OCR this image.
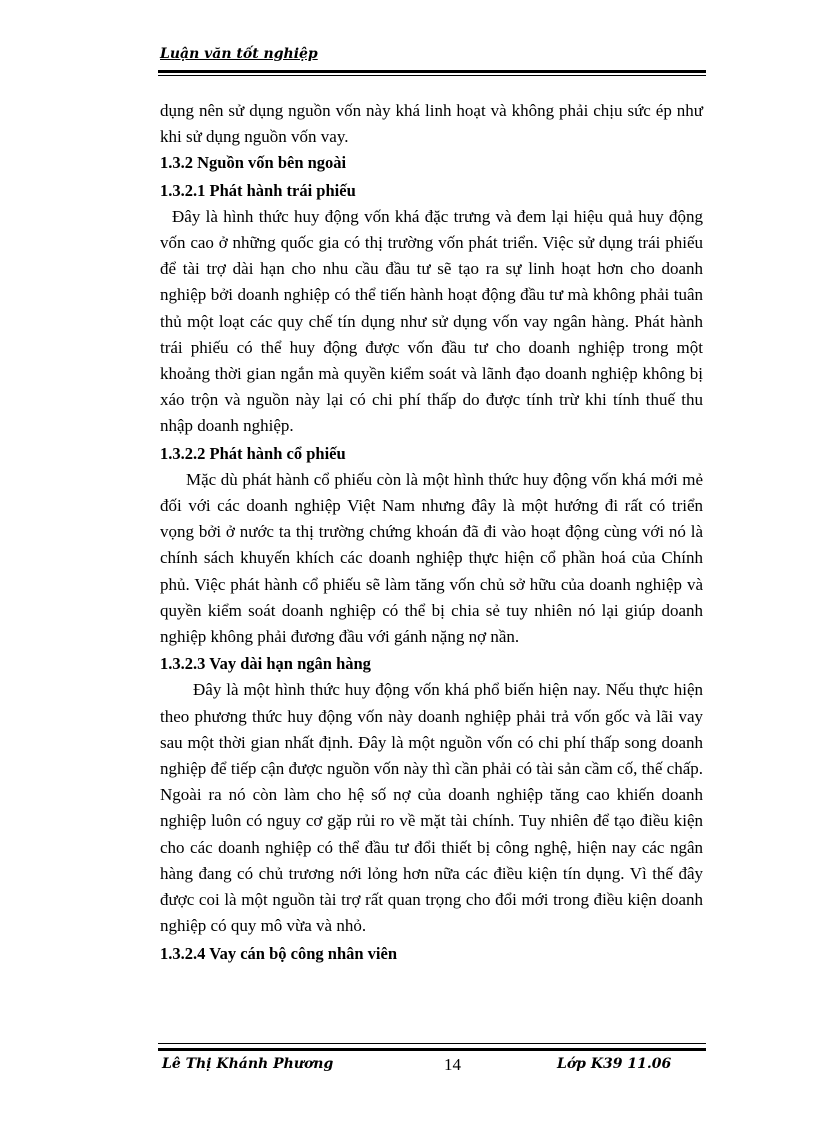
Luận văn tốt nghiệp

dụng nên sử dụng nguồn vốn này khá linh hoạt và không phải chịu sức ép như khi sử dụng nguồn vốn vay.

1.3.2 Nguồn vốn bên ngoài
1.3.2.1 Phát hành trái phiếu

Đây là hình thức huy động vốn khá đặc trưng và đem lại hiệu quả huy động vốn cao ở những quốc gia có thị trường vốn phát triển. Việc sử dụng trái phiếu để tài trợ dài hạn cho nhu cầu đầu tư sẽ tạo ra sự linh hoạt hơn cho doanh nghiệp bởi doanh nghiệp có thể tiến hành hoạt động đầu tư mà không phải tuân thủ một loạt các quy chế tín dụng như sử dụng vốn vay ngân hàng. Phát hành trái phiếu có thể huy động được vốn đầu tư cho doanh nghiệp trong một khoảng thời gian ngắn mà quyền kiểm soát và lãnh đạo doanh nghiệp không bị xáo trộn và nguồn này lại có chi phí thấp do được tính trừ khi tính thuế thu nhập doanh nghiệp.

1.3.2.2 Phát hành cổ phiếu

Mặc dù phát hành cổ phiếu còn là một hình thức huy động vốn khá mới mẻ đối với các doanh nghiệp Việt Nam nhưng đây là một hướng đi rất có triển vọng bởi ở nước ta thị trường chứng khoán đã đi vào hoạt động cùng với nó là chính sách khuyến khích các doanh nghiệp thực hiện cổ phần hoá của Chính phủ. Việc phát hành cổ phiếu sẽ làm tăng vốn chủ sở hữu của doanh nghiệp và quyền kiểm soát doanh nghiệp có thể bị chia sẻ tuy nhiên nó lại giúp doanh nghiệp không phải đương đầu với gánh nặng nợ nần.

1.3.2.3 Vay dài hạn ngân hàng

Đây là một hình thức huy động vốn khá phổ biến hiện nay. Nếu thực hiện theo phương thức huy động vốn này doanh nghiệp phải trả vốn gốc và lãi vay sau một thời gian nhất định. Đây là một nguồn vốn có chi phí thấp song doanh nghiệp để tiếp cận được nguồn vốn này thì cần phải có tài sản cầm cố, thế chấp. Ngoài ra nó còn làm cho hệ số nợ của doanh nghiệp tăng cao khiến doanh nghiệp luôn có nguy cơ gặp rủi ro về mặt tài chính. Tuy nhiên để tạo điều kiện cho các doanh nghiệp có thể đầu tư đổi thiết bị công nghệ, hiện nay các ngân hàng đang có chủ trương nới lỏng hơn nữa các điều kiện tín dụng. Vì thế đây được coi là một nguồn tài trợ rất quan trọng cho đổi mới trong điều kiện doanh nghiệp có quy mô vừa và nhỏ.

1.3.2.4 Vay cán bộ công nhân viên
Lê Thị Khánh Phương	14	Lớp K39 11.06
